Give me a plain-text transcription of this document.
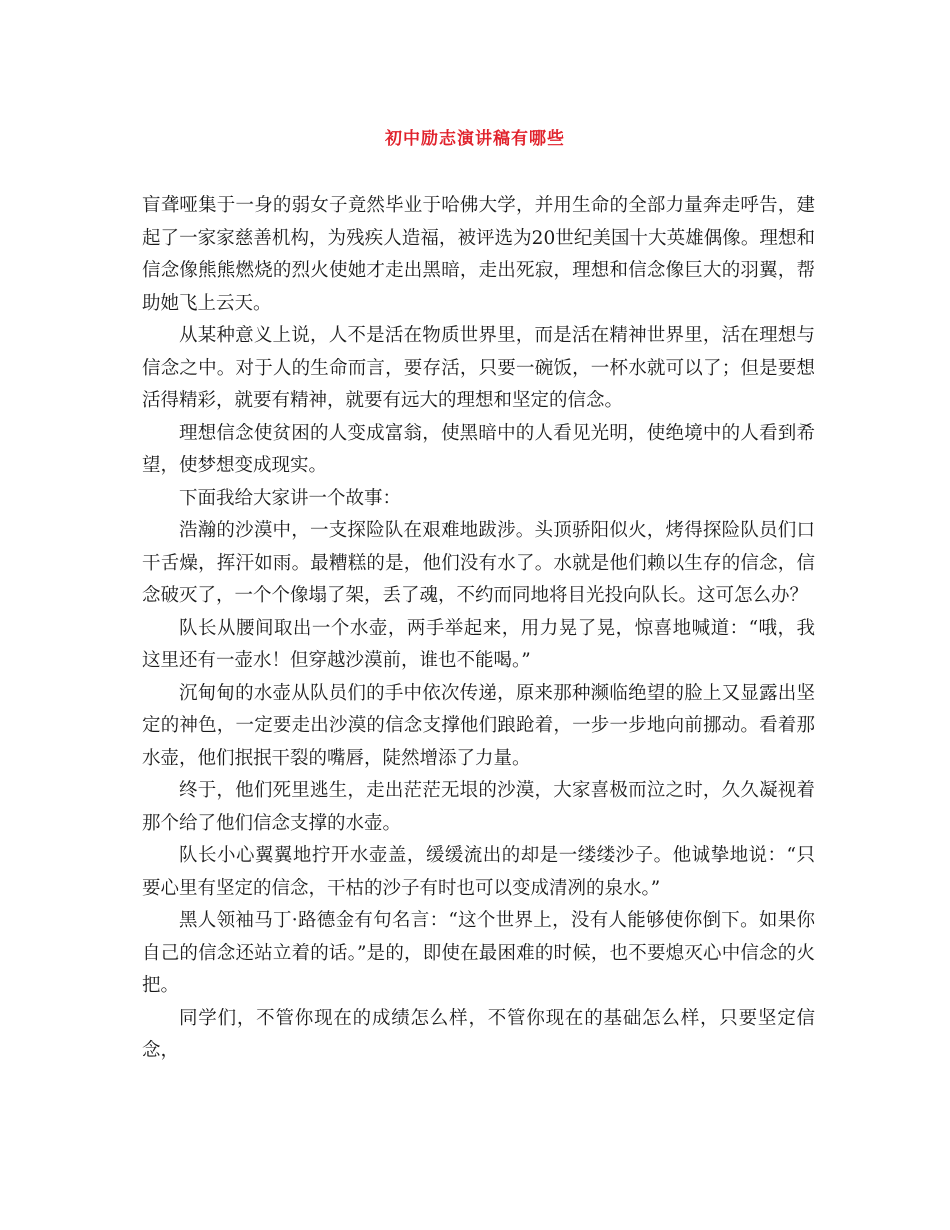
初中励志演讲稿有哪些

盲聋哑集于一身的弱女子竟然毕业于哈佛大学，并用生命的全部力量奔走呼告，建起了一家家慈善机构，为残疾人造福，被评选为20世纪美国十大英雄偶像。理想和信念像熊熊燃烧的烈火使她才走出黑暗，走出死寂，理想和信念像巨大的羽翼，帮助她飞上云天。

从某种意义上说，人不是活在物质世界里，而是活在精神世界里，活在理想与信念之中。对于人的生命而言，要存活，只要一碗饭，一杯水就可以了；但是要想活得精彩，就要有精神，就要有远大的理想和坚定的信念。

理想信念使贫困的人变成富翁，使黑暗中的人看见光明，使绝境中的人看到希望，使梦想变成现实。

下面我给大家讲一个故事：

浩瀚的沙漠中，一支探险队在艰难地跋涉。头顶骄阳似火，烤得探险队员们口干舌燥，挥汗如雨。最糟糕的是，他们没有水了。水就是他们赖以生存的信念，信念破灭了，一个个像塌了架，丢了魂，不约而同地将目光投向队长。这可怎么办？

队长从腰间取出一个水壶，两手举起来，用力晃了晃，惊喜地喊道：“哦，我这里还有一壶水！但穿越沙漠前，谁也不能喝。”

沉甸甸的水壶从队员们的手中依次传递，原来那种濒临绝望的脸上又显露出坚定的神色，一定要走出沙漠的信念支撑他们踉跄着，一步一步地向前挪动。看着那水壶，他们抿抿干裂的嘴唇，陡然增添了力量。

终于，他们死里逃生，走出茫茫无垠的沙漠，大家喜极而泣之时，久久凝视着那个给了他们信念支撑的水壶。

队长小心翼翼地拧开水壶盖，缓缓流出的却是一缕缕沙子。他诚挚地说：“只要心里有坚定的信念，干枯的沙子有时也可以变成清冽的泉水。”

黑人领袖马丁·路德金有句名言：“这个世界上，没有人能够使你倒下。如果你自己的信念还站立着的话。”是的，即使在最困难的时候，也不要熄灭心中信念的火把。

同学们，不管你现在的成绩怎么样，不管你现在的基础怎么样，只要坚定信念，
